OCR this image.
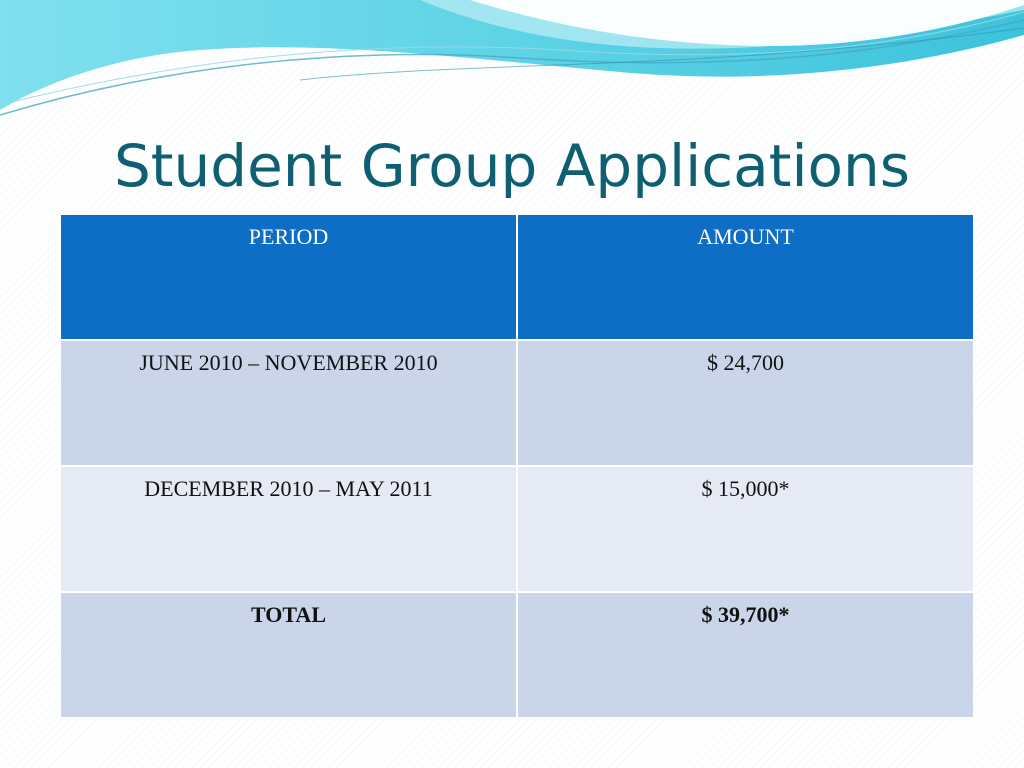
Student Group Applications
PERIOD	AMOUNT
JUNE 2010 – NOVEMBER 2010	$ 24,700
DECEMBER 2010 – MAY 2011	$ 15,000*
TOTAL	$ 39,700*
